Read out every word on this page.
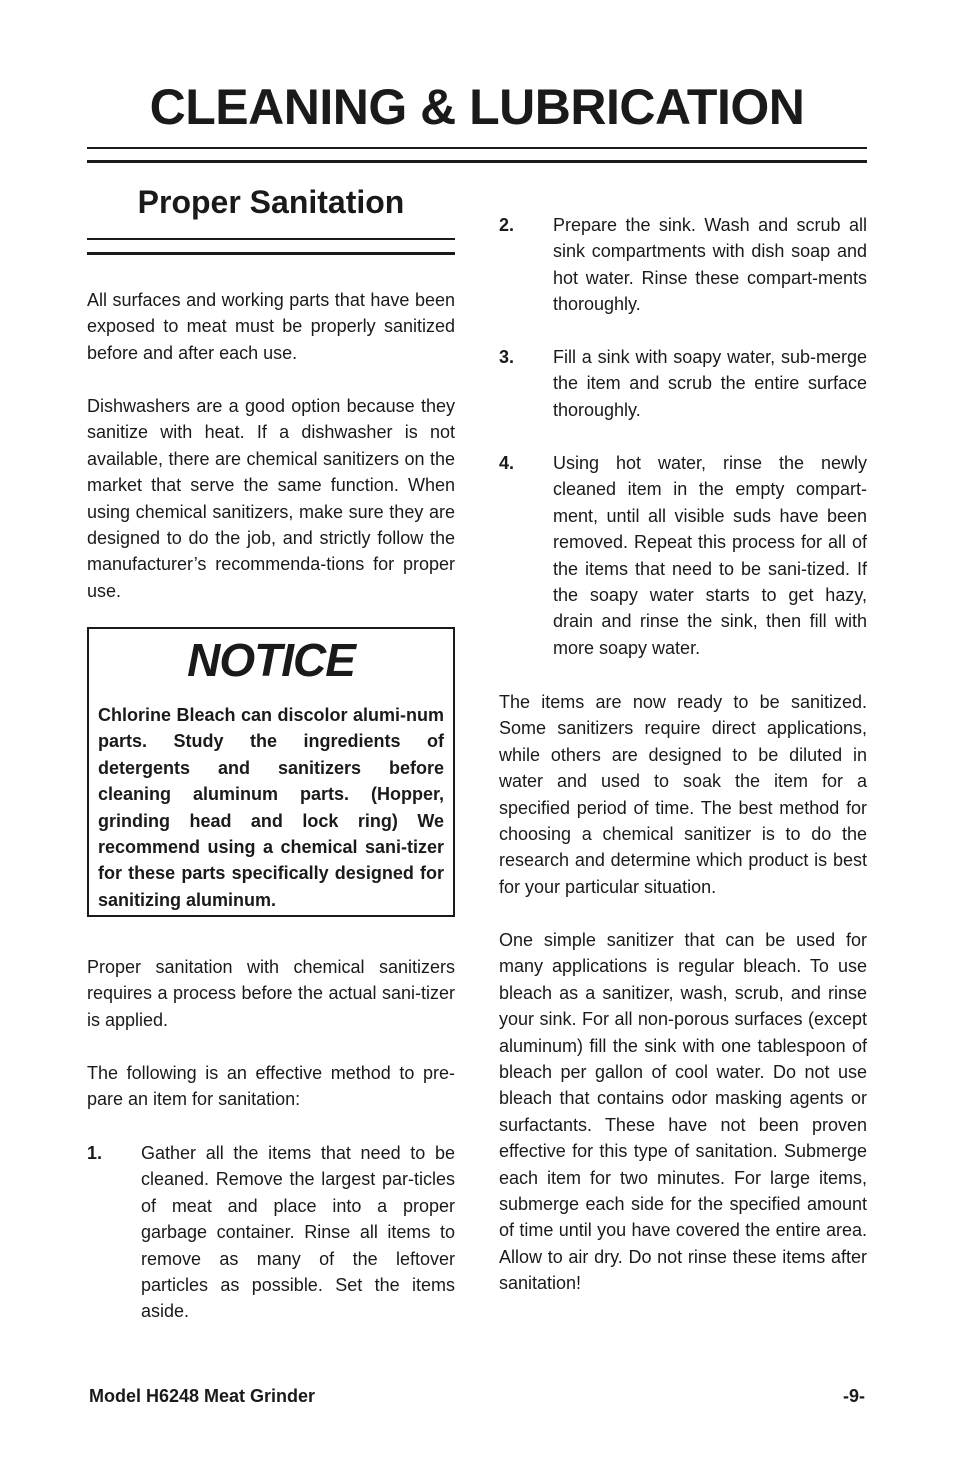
CLEANING & LUBRICATION
Proper Sanitation

All surfaces and working parts that have been exposed to meat must be properly sanitized before and after each use.

Dishwashers are a good option because they sanitize with heat. If a dishwasher is not available, there are chemical sanitizers on the market that serve the same function. When using chemical sanitizers, make sure they are designed to do the job, and strictly follow the manufacturer’s recommenda-tions for proper use.

NOTICE

Chlorine Bleach can discolor alumi-num parts. Study the ingredients of detergents and sanitizers before cleaning aluminum parts. (Hopper, grinding head and lock ring) We recommend using a chemical sani-tizer for these parts specifically designed for sanitizing aluminum.

Proper sanitation with chemical sanitizers requires a process before the actual sani-tizer is applied.

The following is an effective method to pre-pare an item for sanitation:

1. Gather all the items that need to be cleaned. Remove the largest par-ticles of meat and place into a proper garbage container. Rinse all items to remove as many of the leftover particles as possible. Set the items aside.

2. Prepare the sink. Wash and scrub all sink compartments with dish soap and hot water. Rinse these compart-ments thoroughly.

3. Fill a sink with soapy water, sub-merge the item and scrub the entire surface thoroughly.

4. Using hot water, rinse the newly cleaned item in the empty compart-ment, until all visible suds have been removed. Repeat this process for all of the items that need to be sani-tized. If the soapy water starts to get hazy, drain and rinse the sink, then fill with more soapy water.

The items are now ready to be sanitized. Some sanitizers require direct applications, while others are designed to be diluted in water and used to soak the item for a specified period of time. The best method for choosing a chemical sanitizer is to do the research and determine which product is best for your particular situation.

One simple sanitizer that can be used for many applications is regular bleach. To use bleach as a sanitizer, wash, scrub, and rinse your sink. For all non-porous surfaces (except aluminum) fill the sink with one tablespoon of bleach per gallon of cool water. Do not use bleach that contains odor masking agents or surfactants. These have not been proven effective for this type of sanitation. Submerge each item for two minutes. For large items, submerge each side for the specified amount of time until you have covered the entire area. Allow to air dry. Do not rinse these items after sanitation!

Model H6248 Meat Grinder	-9-
